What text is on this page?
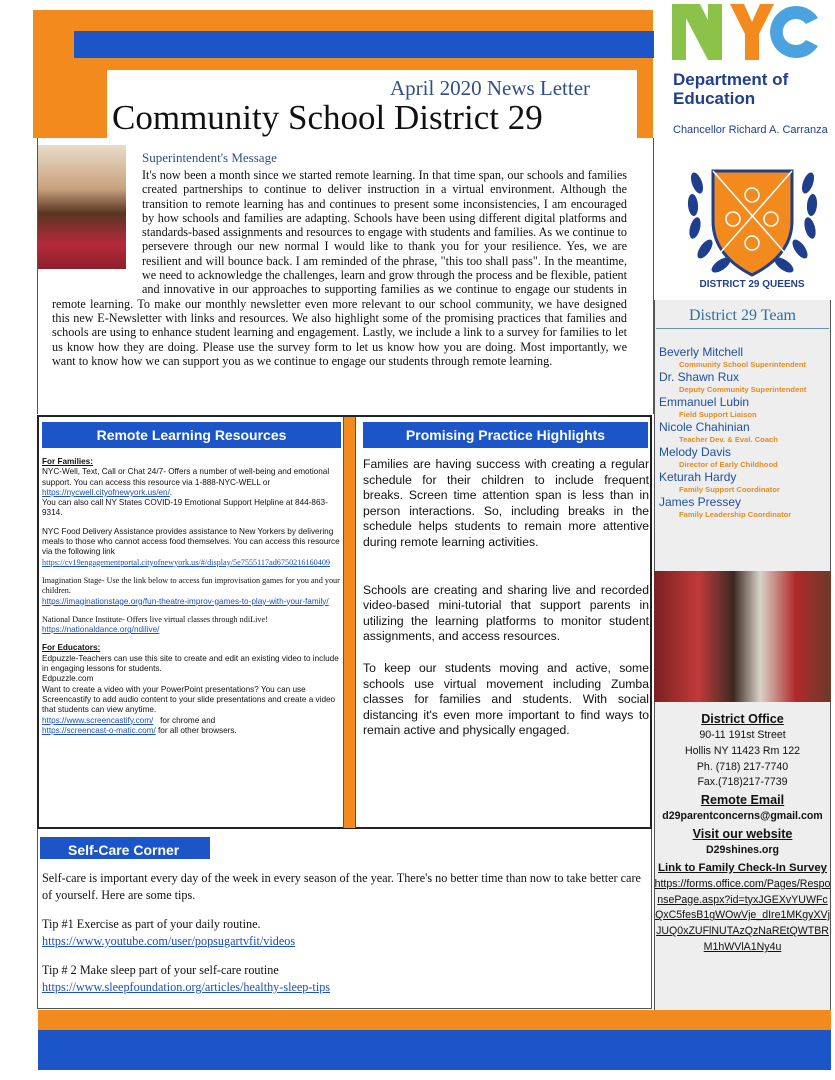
April 2020 News Letter
Community School District 29
Department of Education
Chancellor Richard A. Carranza
DISTRICT 29 QUEENS
District 29 Team
Beverly Mitchell
Community School Superintendent
Dr. Shawn Rux
Deputy Community Superintendent
Emmanuel Lubin
Field Support Liaison
Nicole Chahinian
Teacher Dev. & Eval. Coach
Melody Davis
Director of Early Childhood
Keturah Hardy
Family Support Coordinator
James Pressey
Family Leadership Coordinator
District Office
90-11 191st Street
Hollis NY 11423 Rm 122
Ph. (718) 217-7740
Fax.(718)217-7739
Remote Email
d29parentconcerns@gmail.com
Visit our website
D29shines.org
Link to Family Check-In Survey
https://forms.office.com/Pages/ResponsePage.aspx?id=tyxJGEXvYUWFcQxC5fesB1gWOwVje_dIre1MKgyXVjJUQ0xZUFlNUTAzQzNaREtQWTBRM1hWVlA1Ny4u
Superintendent's Message
It's now been a month since we started remote learning. In that time span, our schools and families created partnerships to continue to deliver instruction in a virtual environment. Although the transition to remote learning has and continues to present some inconsistencies, I am encouraged by how schools and families are adapting. Schools have been using different digital platforms and standards-based assignments and resources to engage with students and families. As we continue to persevere through our new normal I would like to thank you for your resilience. Yes, we are resilient and will bounce back. I am reminded of the phrase, "this too shall pass". In the meantime, we need to acknowledge the challenges, learn and grow through the process and be flexible, patient and innovative in our approaches to supporting families as we continue to engage our students in remote learning. To make our monthly newsletter even more relevant to our school community, we have designed this new E-Newsletter with links and resources. We also highlight some of the promising practices that families and schools are using to enhance student learning and engagement. Lastly, we include a link to a survey for families to let us know how they are doing. Please use the survey form to let us know how you are doing. Most importantly, we want to know how we can support you as we continue to engage our students through remote learning.
Remote Learning Resources

For Families:
NYC-Well, Text, Call or Chat 24/7- Offers a number of well-being and emotional support. You can access this resource via 1-888-NYC-WELL or
https://nycwell.cityofnewyork.us/en/.
You can also call NY States COVID-19 Emotional Support Helpline at 844-863-9314.

NYC Food Delivery Assistance provides assistance to New Yorkers by delivering meals to those who cannot access food themselves. You can access this resource via the following link
https://cv19engagementportal.cityofnewyork.us/#/display/5e7555117ad6750216160409

Imagination Stage- Use the link below to access fun improvisation games for you and your children.
https://imaginationstage.org/fun-theatre-improv-games-to-play-with-your-family/

National Dance Institute- Offers live virtual classes through ndiLive!
https://nationaldance.org/ndilive/

For Educators:
Edpuzzle-Teachers can use this site to create and edit an existing video to include in engaging lessons for students.
Edpuzzle.com
Want to create a video with your PowerPoint presentations? You can use Screencastify to add audio content to your slide presentations and create a video that students can view anytime.
https://www.screencastify.com/ for chrome and
https://screencast-o-matic.com/ for all other browsers.

Promising Practice Highlights

Families are having success with creating a regular schedule for their children to include frequent breaks. Screen time attention span is less than in person interactions. So, including breaks in the schedule helps students to remain more attentive during remote learning activities.

Schools are creating and sharing live and recorded video-based mini-tutorial that support parents in utilizing the learning platforms to monitor student assignments, and access resources.

To keep our students moving and active, some schools use virtual movement including Zumba classes for families and students. With social distancing it's even more important to find ways to remain active and physically engaged.

Self-Care Corner

Self-care is important every day of the week in every season of the year. There's no better time than now to take better care of yourself. Here are some tips.

Tip #1 Exercise as part of your daily routine.
https://www.youtube.com/user/popsugartvfit/videos

Tip # 2 Make sleep part of your self-care routine
https://www.sleepfoundation.org/articles/healthy-sleep-tips
